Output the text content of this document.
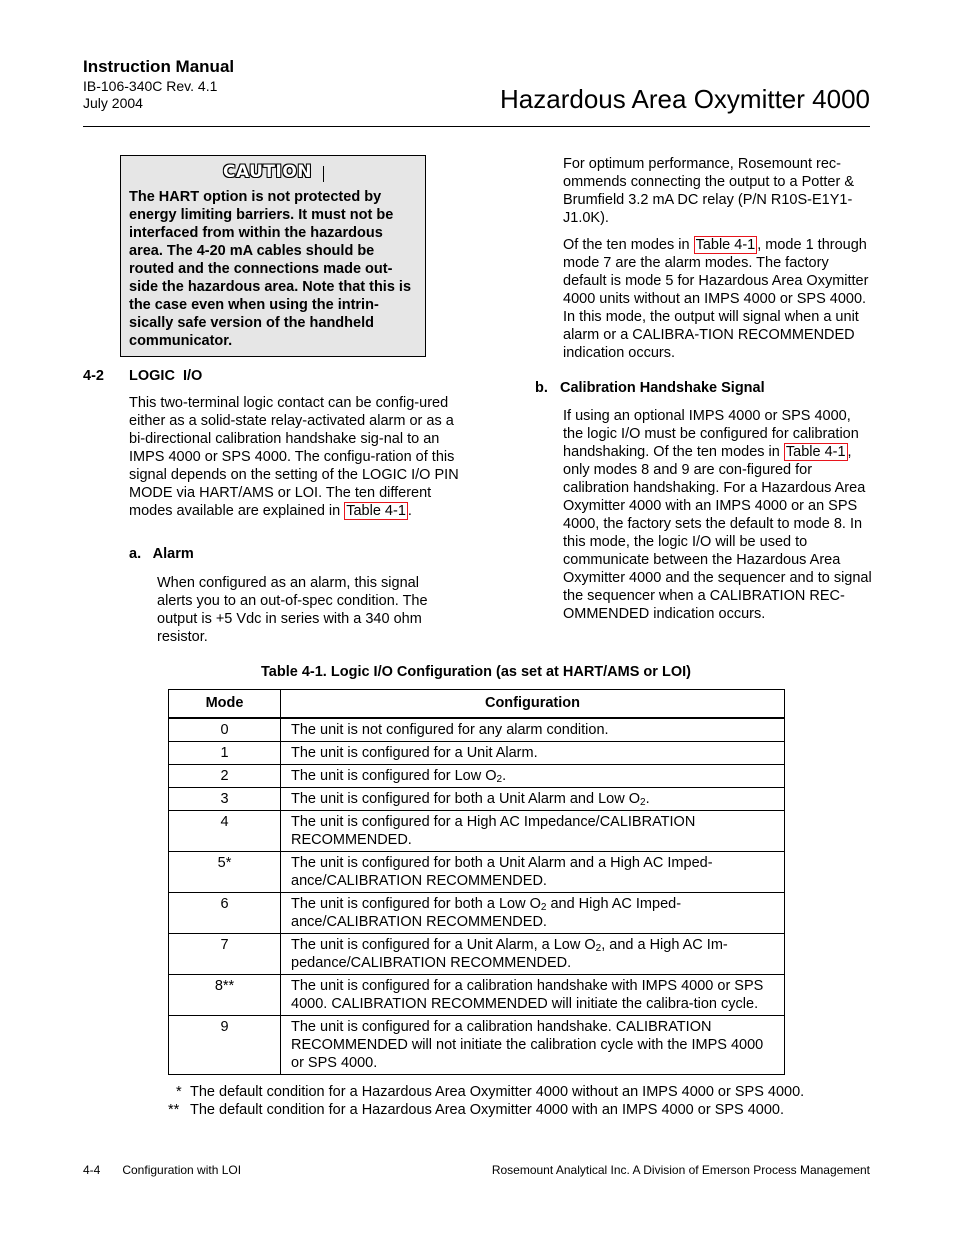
Instruction Manual
IB-106-340C Rev. 4.1
July 2004	Hazardous Area Oxymitter 4000
CAUTION
The HART option is not protected by energy limiting barriers. It must not be interfaced from within the hazardous area. The 4-20 mA cables should be routed and the connections made out-side the hazardous area. Note that this is the case even when using the intrin-sically safe version of the handheld communicator.
4-2 LOGIC I/O
This two-terminal logic contact can be config-ured either as a solid-state relay-activated alarm or as a bi-directional calibration handshake sig-nal to an IMPS 4000 or SPS 4000. The configu-ration of this signal depends on the setting of the LOGIC I/O PIN MODE via HART/AMS or LOI. The ten different modes available are explained in Table 4-1 .
a.   Alarm
When configured as an alarm, this signal alerts you to an out-of-spec condition. The output is +5 Vdc in series with a 340 ohm resistor.
For optimum performance, Rosemount rec-ommends connecting the output to a Potter & Brumfield 3.2 mA DC relay (P/N R10S-E1Y1-J1.0K).
Of the ten modes in Table 4-1 , mode 1 through mode 7 are the alarm modes. The factory default is mode 5 for Hazardous Area Oxymitter 4000 units without an IMPS 4000 or SPS 4000. In this mode, the output will signal when a unit alarm or a CALIBRA-TION RECOMMENDED indication occurs.
b.   Calibration Handshake Signal
If using an optional IMPS 4000 or SPS 4000, the logic I/O must be configured for calibration handshaking. Of the ten modes in Table 4-1 , only modes 8 and 9 are con-figured for calibration handshaking. For a Hazardous Area Oxymitter 4000 with an IMPS 4000 or an SPS 4000, the factory sets the default to mode 8. In this mode, the logic I/O will be used to communicate between the Hazardous Area Oxymitter 4000 and the sequencer and to signal the sequencer when a CALIBRATION REC-OMMENDED indication occurs.
Table 4-1. Logic I/O Configuration (as set at HART/AMS or LOI)
Mode	Configuration
0	The unit is not configured for any alarm condition.
1	The unit is configured for a Unit Alarm.
2	The unit is configured for Low $O_2$.
3	The unit is configured for both a Unit Alarm and Low $O_2$.
4	The unit is configured for a High AC Impedance/CALIBRATION RECOMMENDED.
5*	The unit is configured for both a Unit Alarm and a High AC Imped-ance/CALIBRATION RECOMMENDED.
6	The unit is configured for both a Low $O_2$ and High AC Imped-ance/CALIBRATION RECOMMENDED.
7	The unit is configured for a Unit Alarm, a Low $O_2$, and a High AC Im-pedance/CALIBRATION RECOMMENDED.
8**	The unit is configured for a calibration handshake with IMPS 4000 or SPS 4000. CALIBRATION RECOMMENDED will initiate the calibra-tion cycle.
9	The unit is configured for a calibration handshake. CALIBRATION RECOMMENDED will not initiate the calibration cycle with the IMPS 4000 or SPS 4000.
* The default condition for a Hazardous Area Oxymitter 4000 without an IMPS 4000 or SPS 4000.
** The default condition for a Hazardous Area Oxymitter 4000 with an IMPS 4000 or SPS 4000.
4-4 Configuration with LOI	Rosemount Analytical Inc. A Division of Emerson Process Management
